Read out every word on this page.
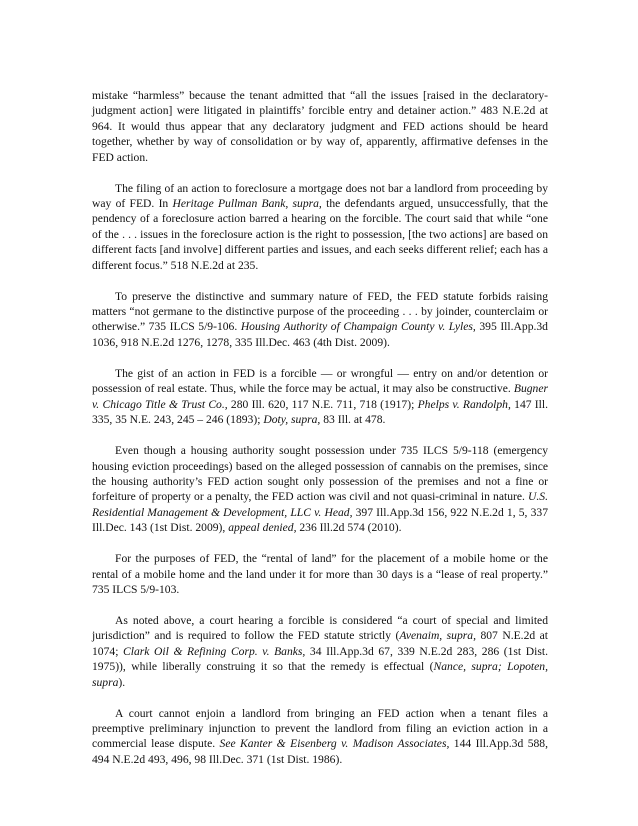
mistake “harmless” because the tenant admitted that “all the issues [raised in the declaratory-judgment action] were litigated in plaintiffs’ forcible entry and detainer action.” 483 N.E.2d at 964. It would thus appear that any declaratory judgment and FED actions should be heard together, whether by way of consolidation or by way of, apparently, affirmative defenses in the FED action.

The filing of an action to foreclosure a mortgage does not bar a landlord from proceeding by way of FED. In Heritage Pullman Bank, supra, the defendants argued, unsuccessfully, that the pendency of a foreclosure action barred a hearing on the forcible. The court said that while “one of the . . . issues in the foreclosure action is the right to possession, [the two actions] are based on different facts [and involve] different parties and issues, and each seeks different relief; each has a different focus.” 518 N.E.2d at 235.

To preserve the distinctive and summary nature of FED, the FED statute forbids raising matters “not germane to the distinctive purpose of the proceeding . . . by joinder, counterclaim or otherwise.” 735 ILCS 5/9-106. Housing Authority of Champaign County v. Lyles, 395 Ill.App.3d 1036, 918 N.E.2d 1276, 1278, 335 Ill.Dec. 463 (4th Dist. 2009).

The gist of an action in FED is a forcible — or wrongful — entry on and/or detention or possession of real estate. Thus, while the force may be actual, it may also be constructive. Bugner v. Chicago Title & Trust Co., 280 Ill. 620, 117 N.E. 711, 718 (1917); Phelps v. Randolph, 147 Ill. 335, 35 N.E. 243, 245 – 246 (1893); Doty, supra, 83 Ill. at 478.

Even though a housing authority sought possession under 735 ILCS 5/9-118 (emergency housing eviction proceedings) based on the alleged possession of cannabis on the premises, since the housing authority’s FED action sought only possession of the premises and not a fine or forfeiture of property or a penalty, the FED action was civil and not quasi-criminal in nature. U.S. Residential Management & Development, LLC v. Head, 397 Ill.App.3d 156, 922 N.E.2d 1, 5, 337 Ill.Dec. 143 (1st Dist. 2009), appeal denied, 236 Ill.2d 574 (2010).

For the purposes of FED, the “rental of land” for the placement of a mobile home or the rental of a mobile home and the land under it for more than 30 days is a “lease of real property.” 735 ILCS 5/9-103.

As noted above, a court hearing a forcible is considered “a court of special and limited jurisdiction” and is required to follow the FED statute strictly (Avenaim, supra, 807 N.E.2d at 1074; Clark Oil & Refining Corp. v. Banks, 34 Ill.App.3d 67, 339 N.E.2d 283, 286 (1st Dist. 1975)), while liberally construing it so that the remedy is effectual (Nance, supra; Lopoten, supra).

A court cannot enjoin a landlord from bringing an FED action when a tenant files a preemptive preliminary injunction to prevent the landlord from filing an eviction action in a commercial lease dispute. See Kanter & Eisenberg v. Madison Associates, 144 Ill.App.3d 588, 494 N.E.2d 493, 496, 98 Ill.Dec. 371 (1st Dist. 1986).
